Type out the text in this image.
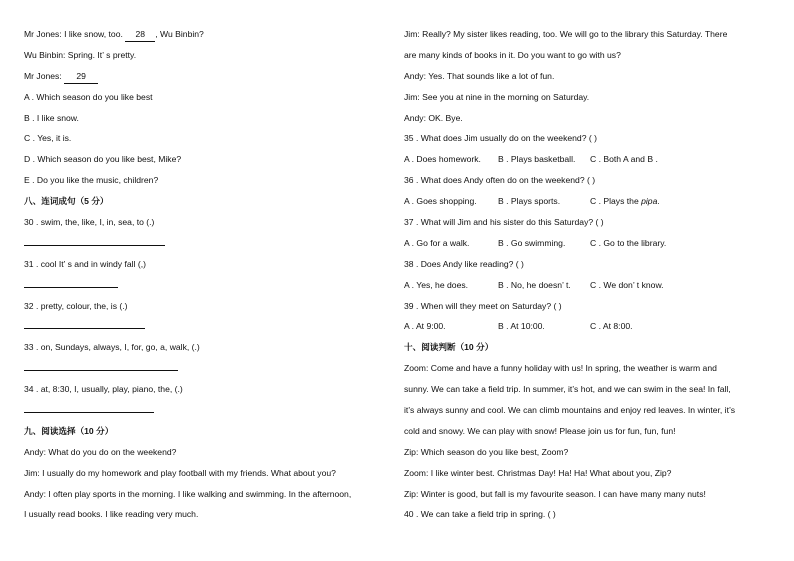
Mr Jones: I like snow, too. 28 , Wu Binbin?
Wu Binbin: Spring. It’ s pretty.
Mr Jones: 29
A . Which season do you like best
B . I like snow.
C . Yes, it is.
D . Which season do you like best, Mike?
E . Do you like the music, children?
八、连词成句（5 分）
30 . swim, the, like, I, in, sea, to (.)
31 . cool It’ s and in windy fall (,)
32 . pretty, colour, the, is (.)
33 . on, Sundays, always, I, for, go, a, walk, (.)
34 . at, 8:30, I, usually, play, piano, the, (.)
九、阅读选择（10 分）
Andy: What do you do on the weekend?
Jim: I usually do my homework and play football with my friends. What about you?
Andy: I often play sports in the morning. I like walking and swimming. In the afternoon,
I usually read books. I like reading very much.
Jim: Really? My sister likes reading, too. We will go to the library this Saturday. There
are many kinds of books in it. Do you want to go with us?
Andy: Yes. That sounds like a lot of fun.
Jim: See you at nine in the morning on Saturday.
Andy: OK. Bye.
35 . What does Jim usually do on the weekend? ( )
A . Does homework. B . Plays basketball. C . Both A and B .
36 . What does Andy often do on the weekend? ( )
A . Goes shopping. B . Plays sports.	C . Plays the pipa.
37 . What will Jim and his sister do this Saturday? ( )
A . Go for a walk.	B . Go swimming.	C . Go to the library.
38 . Does Andy like reading? ( )
A . Yes, he does.	B . No, he doesn’ t. C . We don’ t know.
39 . When will they meet on Saturday? ( )
A . At 9:00.	B . At 10:00.	C . At 8:00.
十、阅读判断（10 分）
Zoom: Come and have a funny holiday with us! In spring, the weather is warm and
sunny. We can take a field trip. In summer, it’s hot, and we can swim in the sea! In fall,
it’s always sunny and cool. We can climb mountains and enjoy red leaves. In winter, it’s
cold and snowy. We can play with snow! Please join us for fun, fun, fun!
Zip: Which season do you like best, Zoom?
Zoom: I like winter best. Christmas Day! Ha! Ha! What about you, Zip?
Zip: Winter is good, but fall is my favourite season. I can have many many nuts!
40 . We can take a field trip in spring. ( )
